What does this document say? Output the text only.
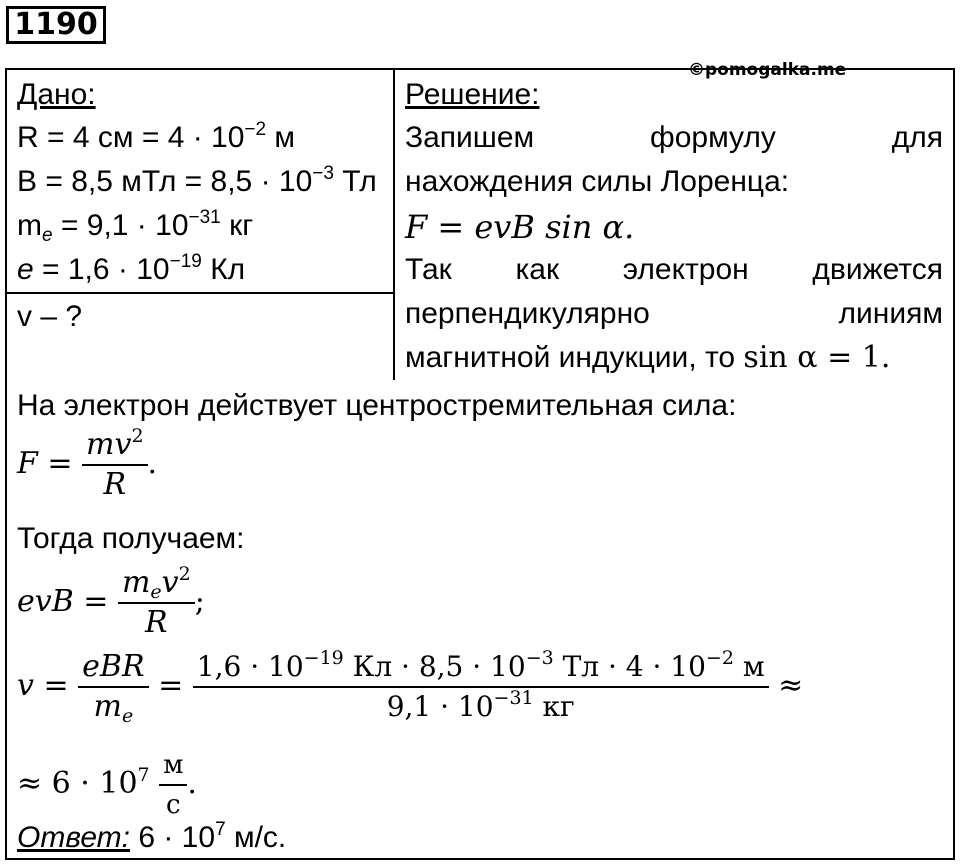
1190
©pomogalka.me
Дано:
R = 4 см = $4 \cdot 10^{-2}$ м
B = 8,5 мТл = $8,5 \cdot 10^{-3}$ Тл
$m_e = 9,1 \cdot 10^{-31}$ кг
$e = 1,6 \cdot 10^{-19}$ Кл
v – ?
Решение:
Запишем	формулу	для
нахождения силы Лоренца:
F = evB sin α.
Так как электрон движется
перпендикулярно	линиям
магнитной индукции, то sin α = 1.
На электрон действует центростремительная сила:
$F = \frac{mv^2}{R}$ .
Тогда получаем:
evB = $\frac{m_ev^2}{R}$ ;
$v = \frac{\text{eBR}}{m_e} = \frac{1,6 \cdot 10^{-19} Кл \cdot 8,5 \cdot 10^{-3} Тл \cdot 4 \cdot 10^{-2} м}{9,1 \cdot 10^{-31} кг}$ ≈
≈ $6 \cdot 10^7 \frac{м}{с}$ .
Ответ: $6 \cdot 10^7$ м/с.
